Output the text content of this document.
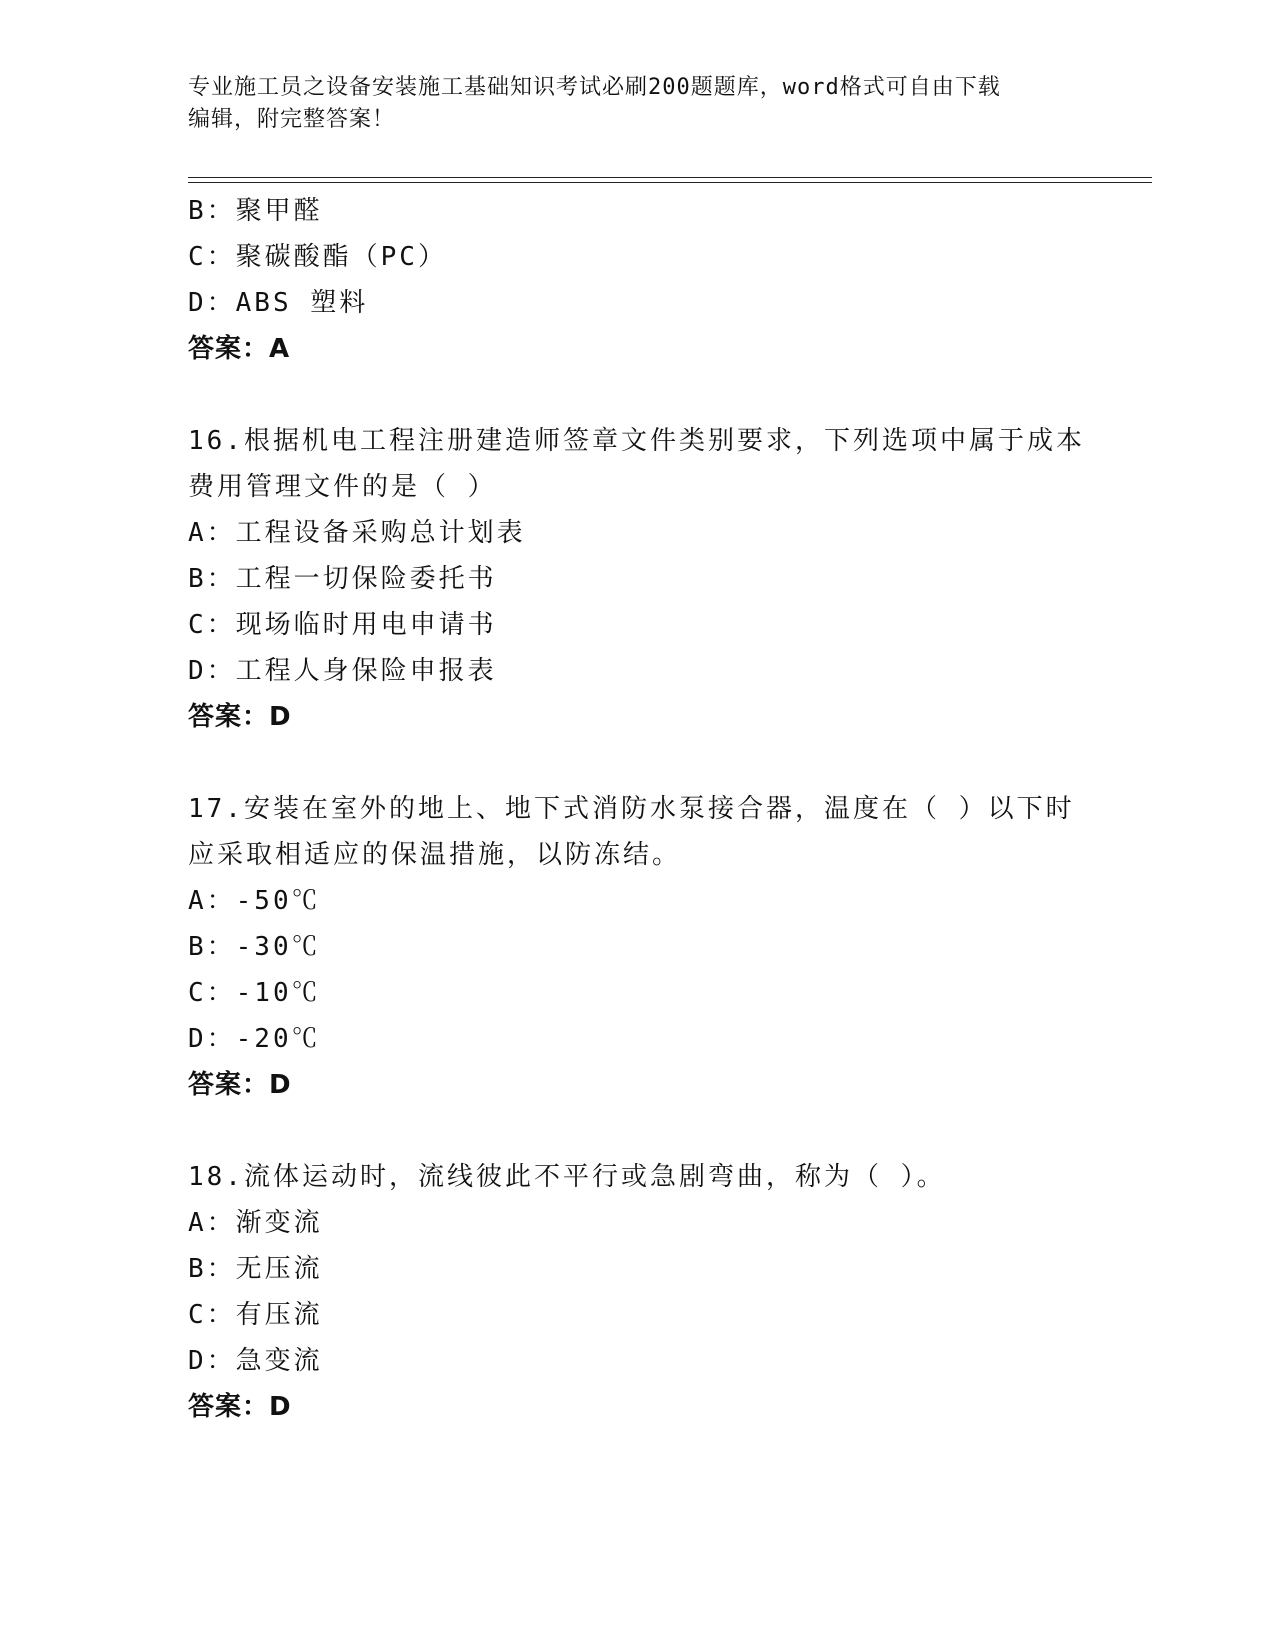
专业施工员之设备安装施工基础知识考试必刷200题题库，word格式可自由下载
编辑，附完整答案！
B：聚甲醛
C：聚碳酸酯（PC）
D：ABS 塑料
答案：A
16.根据机电工程注册建造师签章文件类别要求，下列选项中属于成本
费用管理文件的是（ ）
A：工程设备采购总计划表
B：工程一切保险委托书
C：现场临时用电申请书
D：工程人身保险申报表
答案：D
17.安装在室外的地上、地下式消防水泵接合器，温度在（ ）以下时
应采取相适应的保温措施，以防冻结。
A：-50℃
B：-30℃
C：-10℃
D：-20℃
答案：D
18.流体运动时，流线彼此不平行或急剧弯曲，称为（ ）。
A：渐变流
B：无压流
C：有压流
D：急变流
答案：D
